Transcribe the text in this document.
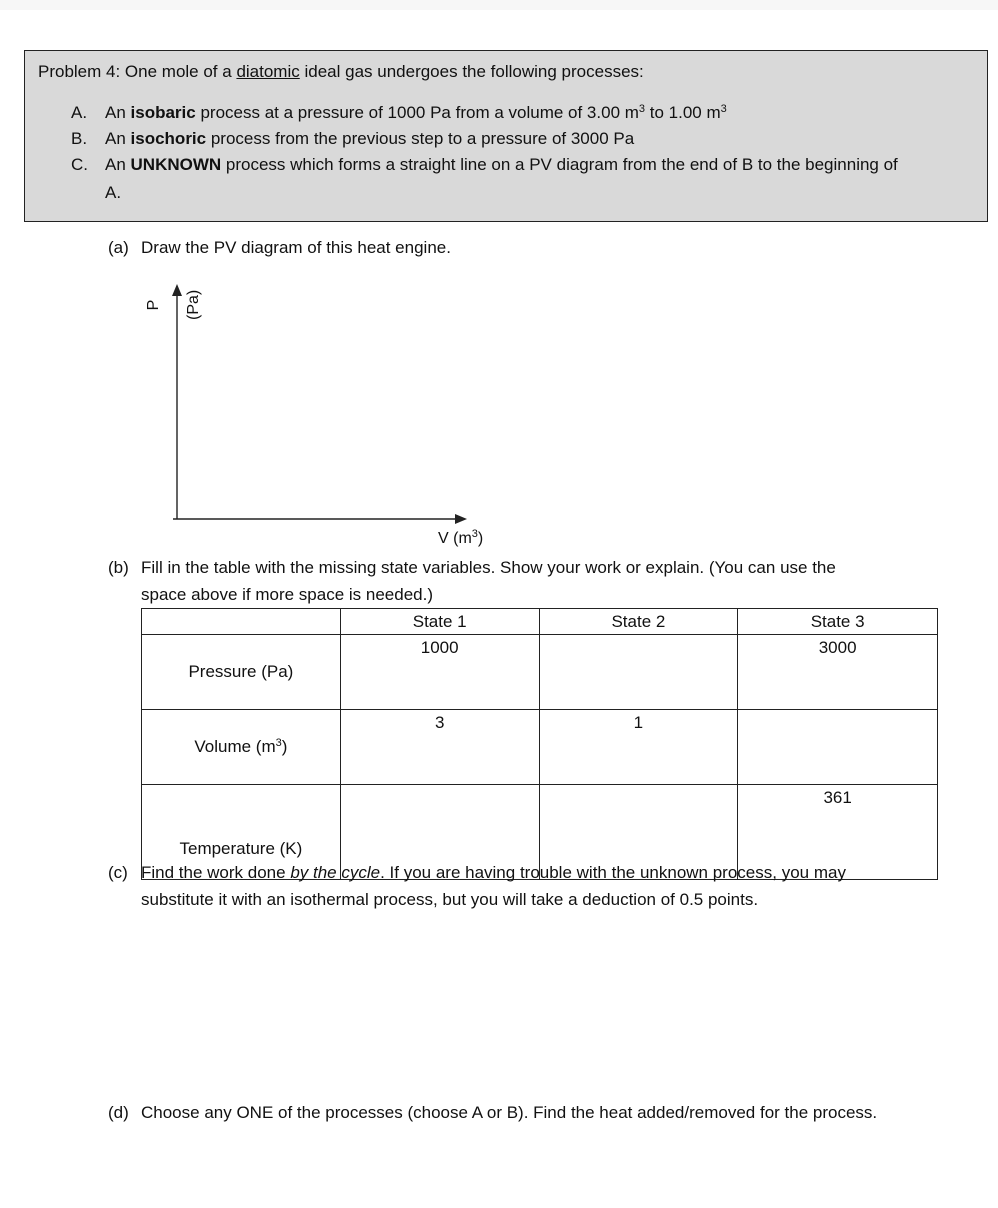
Problem 4: One mole of a diatomic ideal gas undergoes the following processes:
A. An isobaric process at a pressure of 1000 Pa from a volume of 3.00 $m^3$ to 1.00 $m^3$
B. An isochoric process from the previous step to a pressure of 3000 Pa
C. An UNKNOWN process which forms a straight line on a PV diagram from the end of B to the beginning of
A.
(a) Draw the PV diagram of this heat engine.
P (Pa)
V $(m^3)$
(b) Fill in the table with the missing state variables. Show your work or explain. (You can use the
space above if more space is needed.)
	State 1	State 2	State 3
Pressure (Pa)	1000		3000
Volume $(m^3)$	3	1	
Temperature (K)			361
(c) Find the work done by the cycle. If you are having trouble with the unknown process, you may
substitute it with an isothermal process, but you will take a deduction of 0.5 points.
(d) Choose any ONE of the processes (choose A or B). Find the heat added/removed for the process.
